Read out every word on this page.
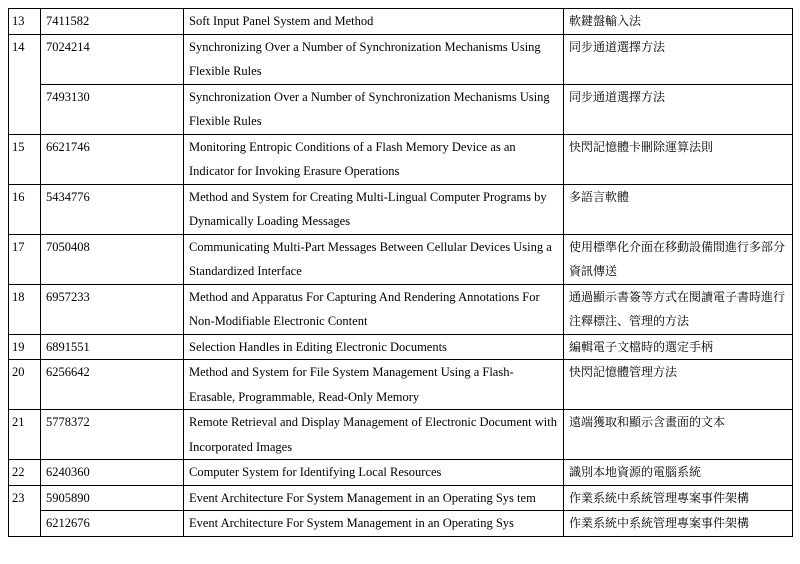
13	7411582	Soft Input Panel System and Method	軟鍵盤輸入法
14	7024214	Synchronizing Over a Number of Synchronization Mechanisms Using Flexible Rules	同步通道選擇方法
	7493130	Synchronization Over a Number of Synchronization Mechanisms Using Flexible Rules	同步通道選擇方法
15	6621746	Monitoring Entropic Conditions of a Flash Memory Device as an Indicator for Invoking Erasure Operations	快閃記憶體卡刪除運算法則
16	5434776	Method and System for Creating Multi-Lingual Computer Programs by Dynamically Loading Messages	多語言軟體
17	7050408	Communicating Multi-Part Messages Between Cellular Devices Using a Standardized Interface	使用標準化介面在移動設備間進行多部分資訊傳送
18	6957233	Method and Apparatus For Capturing And Rendering Annotations For Non-Modifiable Electronic Content	通過顯示書簽等方式在閱讀電子書時進行注釋標注、管理的方法
19	6891551	Selection Handles in Editing Electronic Documents	編輯電子文檔時的選定手柄
20	6256642	Method and System for File System Management Using a Flash-Erasable, Programmable, Read-Only Memory	快閃記憶體管理方法
21	5778372	Remote Retrieval and Display Management of Electronic Document with Incorporated Images	遠端獲取和顯示含畫面的文本
22	6240360	Computer System for Identifying Local Resources	識別本地資源的電腦系統
23	5905890	Event Architecture For System Management in an Operating Sys tem	作業系統中系統管理專案事件架構
	6212676	Event Architecture For System Management in an Operating Sys	作業系統中系統管理專案事件架構
